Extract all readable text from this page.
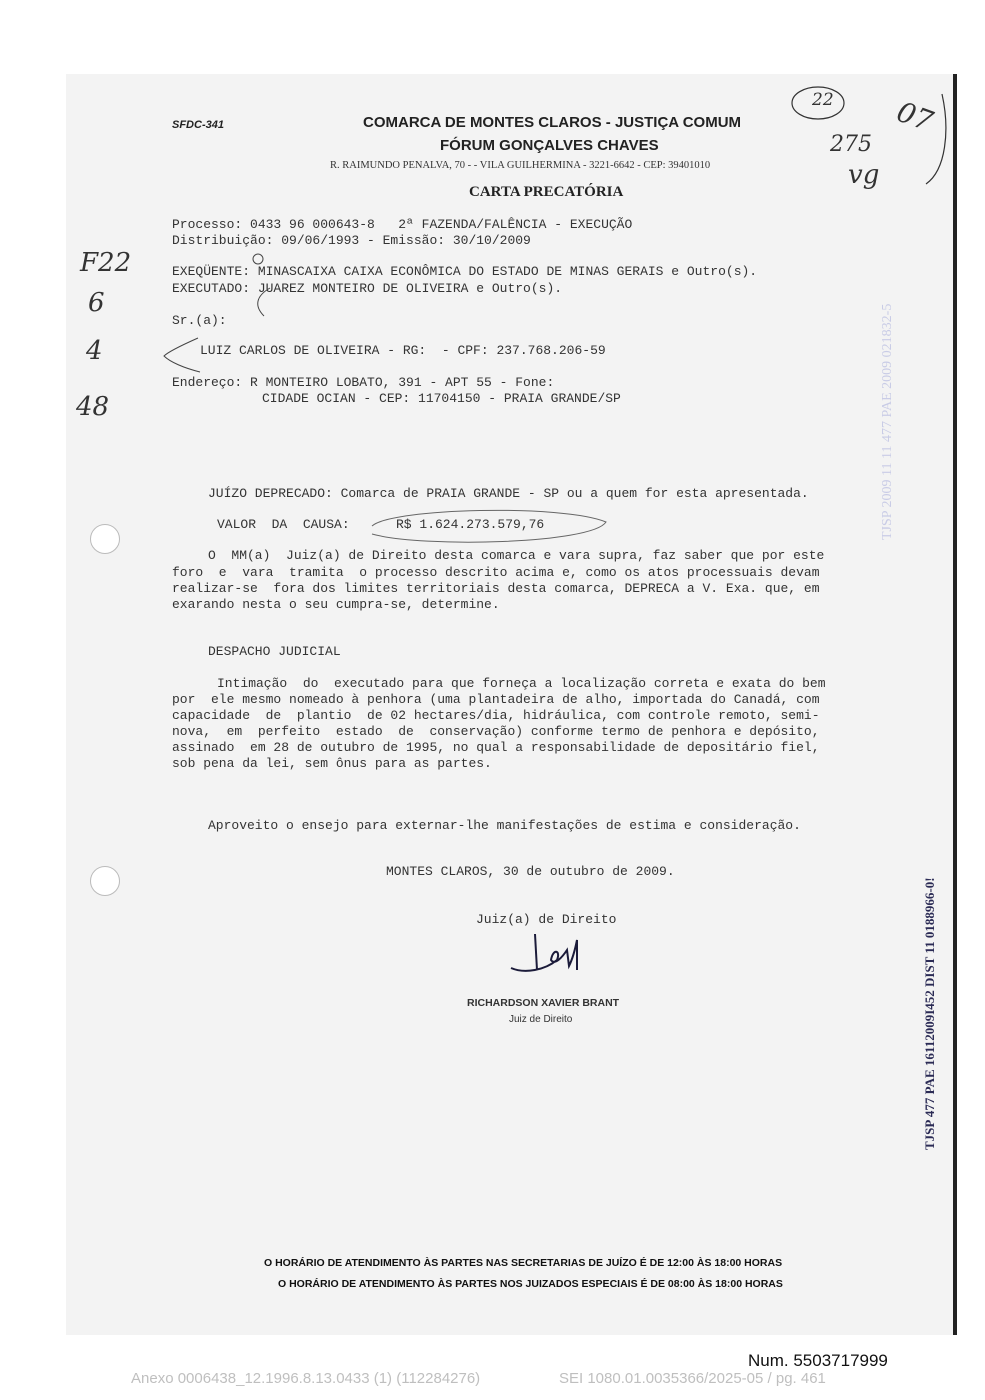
SFDC-341	COMARCA DE MONTES CLAROS - JUSTIÇA COMUM
FÓRUM GONÇALVES CHAVES
R. RAIMUNDO PENALVA, 70 - - VILA GUILHERMINA - 3221-6642 - CEP: 39401010
CARTA PRECATÓRIA
Processo: 0433 96 000643-8   2ª FAZENDA/FALÊNCIA - EXECUÇÃO
Distribuição: 09/06/1993 - Emissão: 30/10/2009
EXEQÜENTE: MINASCAIXA CAIXA ECONÔMICA DO ESTADO DE MINAS GERAIS e Outro(s).
EXECUTADO: JUAREZ MONTEIRO DE OLIVEIRA e Outro(s).
Sr.(a):
LUIZ CARLOS DE OLIVEIRA - RG:  - CPF: 237.768.206-59
Endereço: R MONTEIRO LOBATO, 391 - APT 55 - Fone:
CIDADE OCIAN - CEP: 11704150 - PRAIA GRANDE/SP
JUÍZO DEPRECADO: Comarca de PRAIA GRANDE - SP ou a quem for esta apresentada.
VALOR  DA  CAUSA:	R$ 1.624.273.579,76
O  MM(a)  Juiz(a) de Direito desta comarca e vara supra, faz saber que por este
foro  e  vara  tramita  o processo descrito acima e, como os atos processuais devam
realizar-se  fora dos limites territoriais desta comarca, DEPRECA a V. Exa. que, em
exarando nesta o seu cumpra-se, determine.
DESPACHO JUDICIAL
Intimação  do  executado para que forneça a localização correta e exata do bem
por  ele mesmo nomeado à penhora (uma plantadeira de alho, importada do Canadá, com
capacidade  de  plantio  de 02 hectares/dia, hidráulica, com controle remoto, semi-
nova,  em  perfeito  estado  de  conservação) conforme termo de penhora e depósito,
assinado  em 28 de outubro de 1995, no qual a responsabilidade de depositário fiel,
sob pena da lei, sem ônus para as partes.
Aproveito o ensejo para externar-lhe manifestações de estima e consideração.
MONTES CLAROS, 30 de outubro de 2009.
Juiz(a) de Direito
RICHARDSON XAVIER BRANT
Juiz de Direito
O HORÁRIO DE ATENDIMENTO ÀS PARTES NAS SECRETARIAS DE JUÍZO É DE 12:00 ÀS 18:00 HORAS
O HORÁRIO DE ATENDIMENTO ÀS PARTES NOS JUIZADOS ESPECIAIS É DE 08:00 ÀS 18:00 HORAS
TJSP 477 PAE 16112009I452 DIST 11 0188966-0!
TJSP 2009 11 11 477 PAE 2009 021832-5
22
275
vg
07
F22
6
4
48
Num. 5503717999
Anexo 0006438_12.1996.8.13.0433 (1) (112284276)	SEI 1080.01.0035366/2025-05 / pg. 461
